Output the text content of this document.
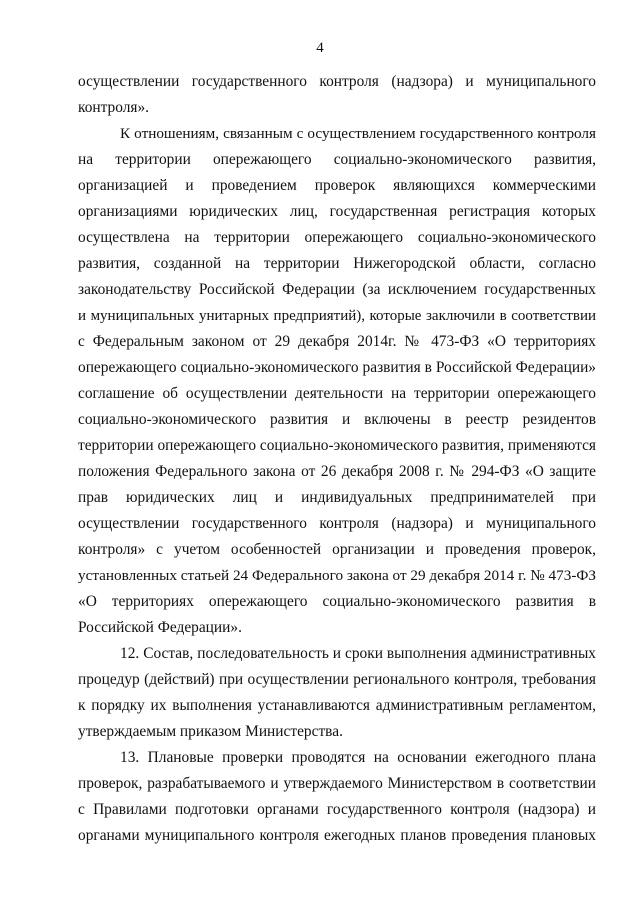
4
осуществлении государственного контроля (надзора) и муниципального
контроля».
К отношениям, связанным с осуществлением государственного контроля
на территории опережающего социально-экономического развития,
организацией и проведением проверок являющихся коммерческими
организациями юридических лиц, государственная регистрация которых
осуществлена на территории опережающего социально-экономического
развития, созданной на территории Нижегородской области, согласно
законодательству Российской Федерации (за исключением государственных
и муниципальных унитарных предприятий), которые заключили в соответствии
с Федеральным законом от 29 декабря 2014г. № 473-ФЗ «О территориях
опережающего социально-экономического развития в Российской Федерации»
соглашение об осуществлении деятельности на территории опережающего
социально-экономического развития и включены в реестр резидентов
территории опережающего социально-экономического развития, применяются
положения Федерального закона от 26 декабря 2008 г. № 294-ФЗ «О защите
прав юридических лиц и индивидуальных предпринимателей при
осуществлении государственного контроля (надзора) и муниципального
контроля» с учетом особенностей организации и проведения проверок,
установленных статьей 24 Федерального закона от 29 декабря 2014 г. № 473-ФЗ
«О территориях опережающего социально-экономического развития в
Российской Федерации».
12. Состав, последовательность и сроки выполнения административных
процедур (действий) при осуществлении регионального контроля, требования
к порядку их выполнения устанавливаются административным регламентом,
утверждаемым приказом Министерства.
13. Плановые проверки проводятся на основании ежегодного плана
проверок, разрабатываемого и утверждаемого Министерством в соответствии
с Правилами подготовки органами государственного контроля (надзора) и
органами муниципального контроля ежегодных планов проведения плановых
